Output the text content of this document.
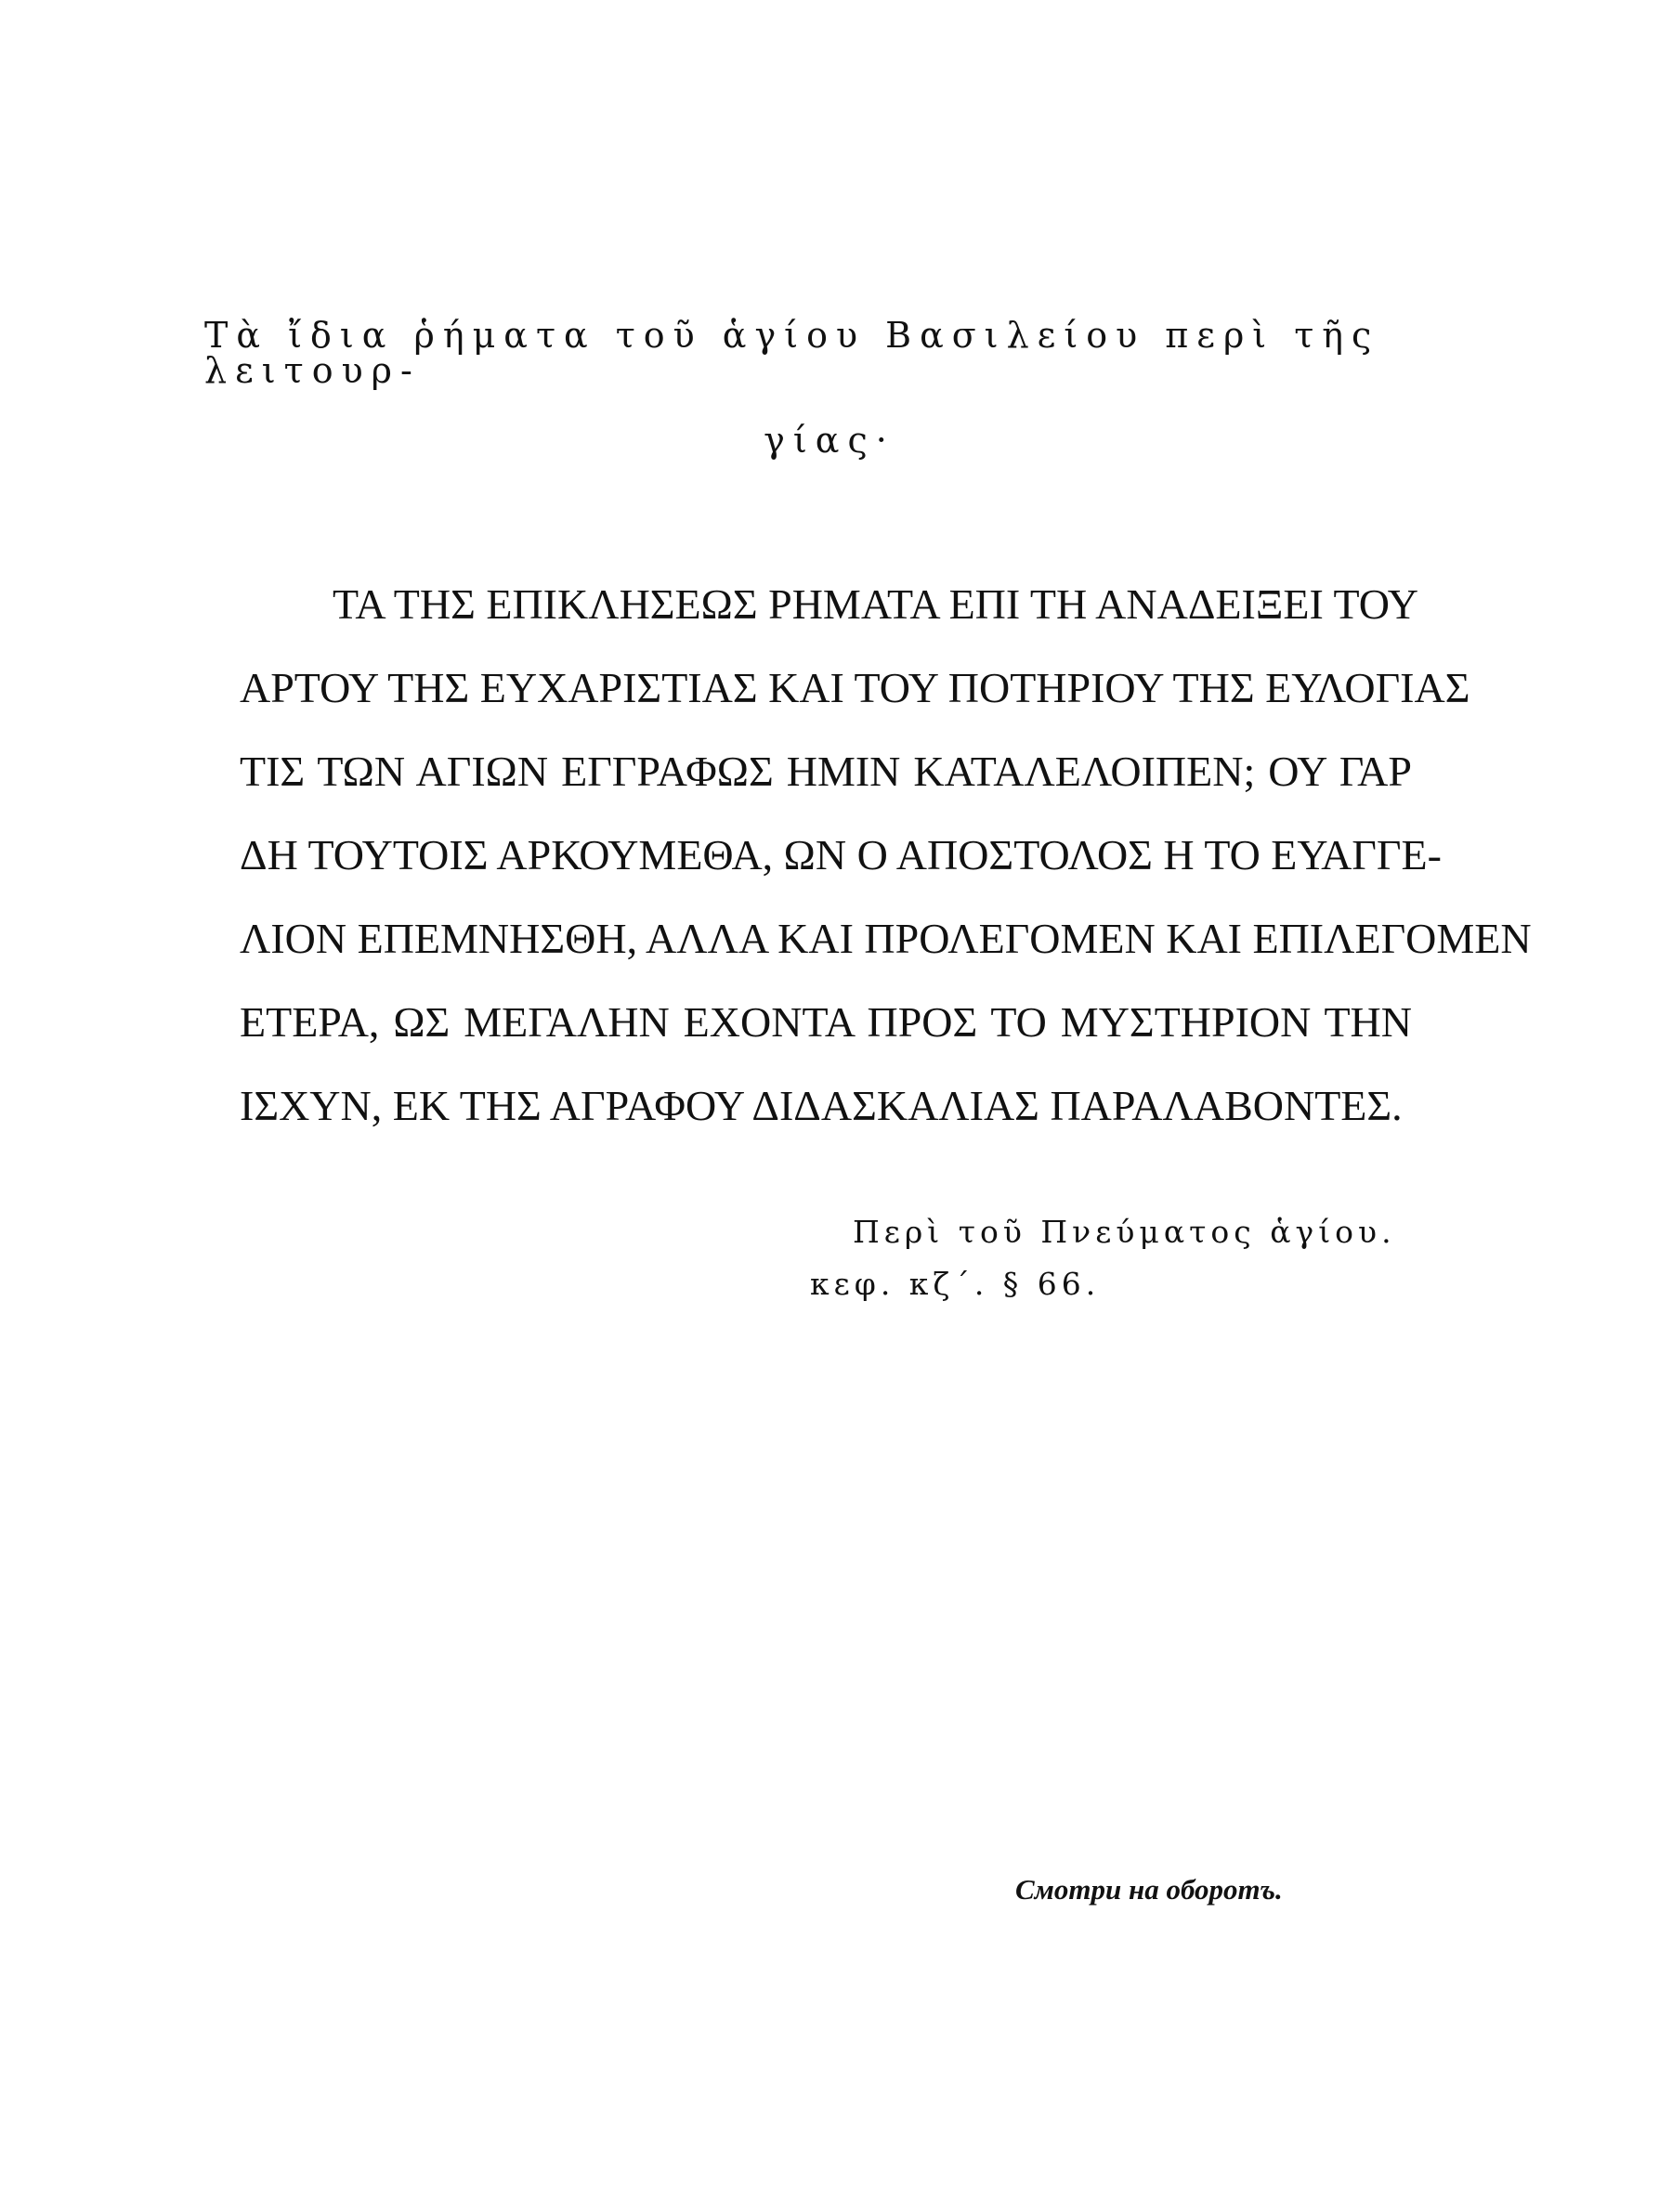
Τὰ ἴδια ῥήματα τοῦ ἁγίου Βασιλείου περὶ τῆς λειτουρ-
γίας·
ΤΑ ΤΗΣ ΕΠΙΚΛΗΣΕΩΣ ΡΗΜΑΤΑ ΕΠΙ ΤΗ ΑΝΑΔΕΙΞΕΙ ΤΟΥ
ΑΡΤΟΥ ΤΗΣ ΕΥΧΑΡΙΣΤΙΑΣ ΚΑΙ ΤΟΥ ΠΟΤΗΡΙΟΥ ΤΗΣ ΕΥΛΟΓΙΑΣ
ΤΙΣ ΤΩΝ ΑΓΙΩΝ ΕΓΓΡΑΦΩΣ ΗΜΙΝ ΚΑΤΑΛΕΛΟΙΠΕΝ; ΟΥ ΓΑΡ
ΔΗ ΤΟΥΤΟΙΣ ΑΡΚΟΥΜΕΘΑ, ΩΝ Ο ΑΠΟΣΤΟΛΟΣ Η ΤΟ ΕΥΑΓΓΕ-
ΛΙΟΝ ΕΠΕΜΝΗΣΘΗ, ΑΛΛΑ ΚΑΙ ΠΡΟΛΕΓΟΜΕΝ ΚΑΙ ΕΠΙΛΕΓΟΜΕΝ
ΕΤΕΡΑ, ΩΣ ΜΕΓΑΛΗΝ ΕΧΟΝΤΑ ΠΡΟΣ ΤΟ ΜΥΣΤΗΡΙΟΝ ΤΗΝ
ΙΣΧΥΝ, ΕΚ ΤΗΣ ΑΓΡΑΦΟΥ ΔΙΔΑΣΚΑΛΙΑΣ ΠΑΡΑΛΑΒΟΝΤΕΣ.
Περὶ τοῦ Πνεύματος ἁγίου.
κεφ. κζ΄. § 66.
Смотри на оборотъ.
